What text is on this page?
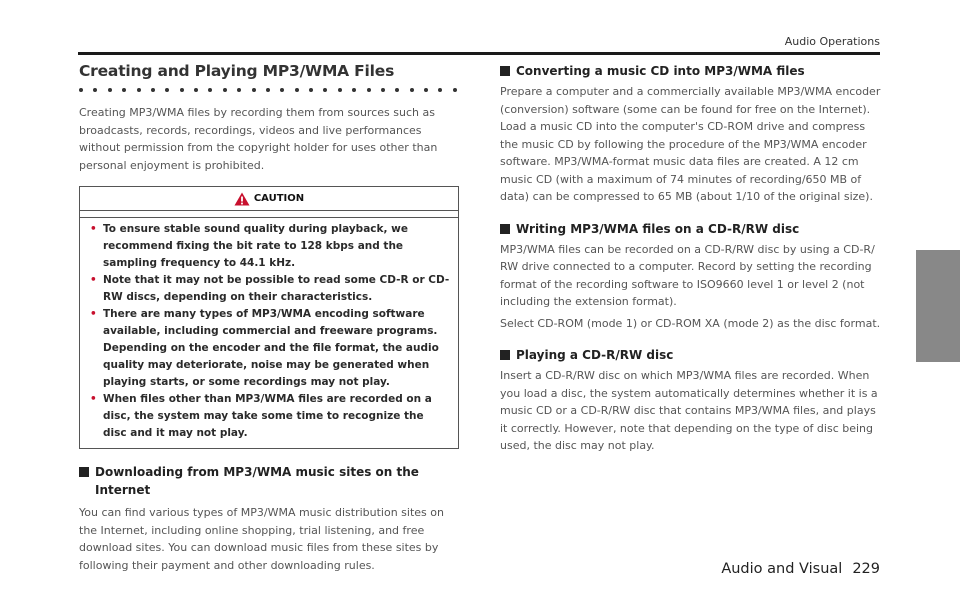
Audio Operations
Creating and Playing MP3/WMA Files

Creating MP3/WMA files by recording them from sources such as broadcasts, records, recordings, videos and live performances without permission from the copyright holder for uses other than personal enjoyment is prohibited.

CAUTION
• To ensure stable sound quality during playback, we recommend fixing the bit rate to 128 kbps and the sampling frequency to 44.1 kHz.
• Note that it may not be possible to read some CD-R or CD-RW discs, depending on their characteristics.
• There are many types of MP3/WMA encoding software available, including commercial and freeware programs. Depending on the encoder and the file format, the audio quality may deteriorate, noise may be generated when playing starts, or some recordings may not play.
• When files other than MP3/WMA files are recorded on a disc, the system may take some time to recognize the disc and it may not play.
Downloading from MP3/WMA music sites on the Internet

You can find various types of MP3/WMA music distribution sites on the Internet, including online shopping, trial listening, and free download sites. You can download music files from these sites by following their payment and other downloading rules.

Converting a music CD into MP3/WMA files

Prepare a computer and a commercially available MP3/WMA encoder (conversion) software (some can be found for free on the Internet). Load a music CD into the computer's CD-ROM drive and compress the music CD by following the procedure of the MP3/WMA encoder software. MP3/WMA-format music data files are created. A 12 cm music CD (with a maximum of 74 minutes of recording/650 MB of data) can be compressed to 65 MB (about 1/10 of the original size).

Writing MP3/WMA files on a CD-R/RW disc

MP3/WMA files can be recorded on a CD-R/RW disc by using a CD-R/ RW drive connected to a computer. Record by setting the recording format of the recording software to ISO9660 level 1 or level 2 (not including the extension format).

Select CD-ROM (mode 1) or CD-ROM XA (mode 2) as the disc format.

Playing a CD-R/RW disc

Insert a CD-R/RW disc on which MP3/WMA files are recorded. When you load a disc, the system automatically determines whether it is a music CD or a CD-R/RW disc that contains MP3/WMA files, and plays it correctly. However, note that depending on the type of disc being used, the disc may not play.

Audio and Visual 229
